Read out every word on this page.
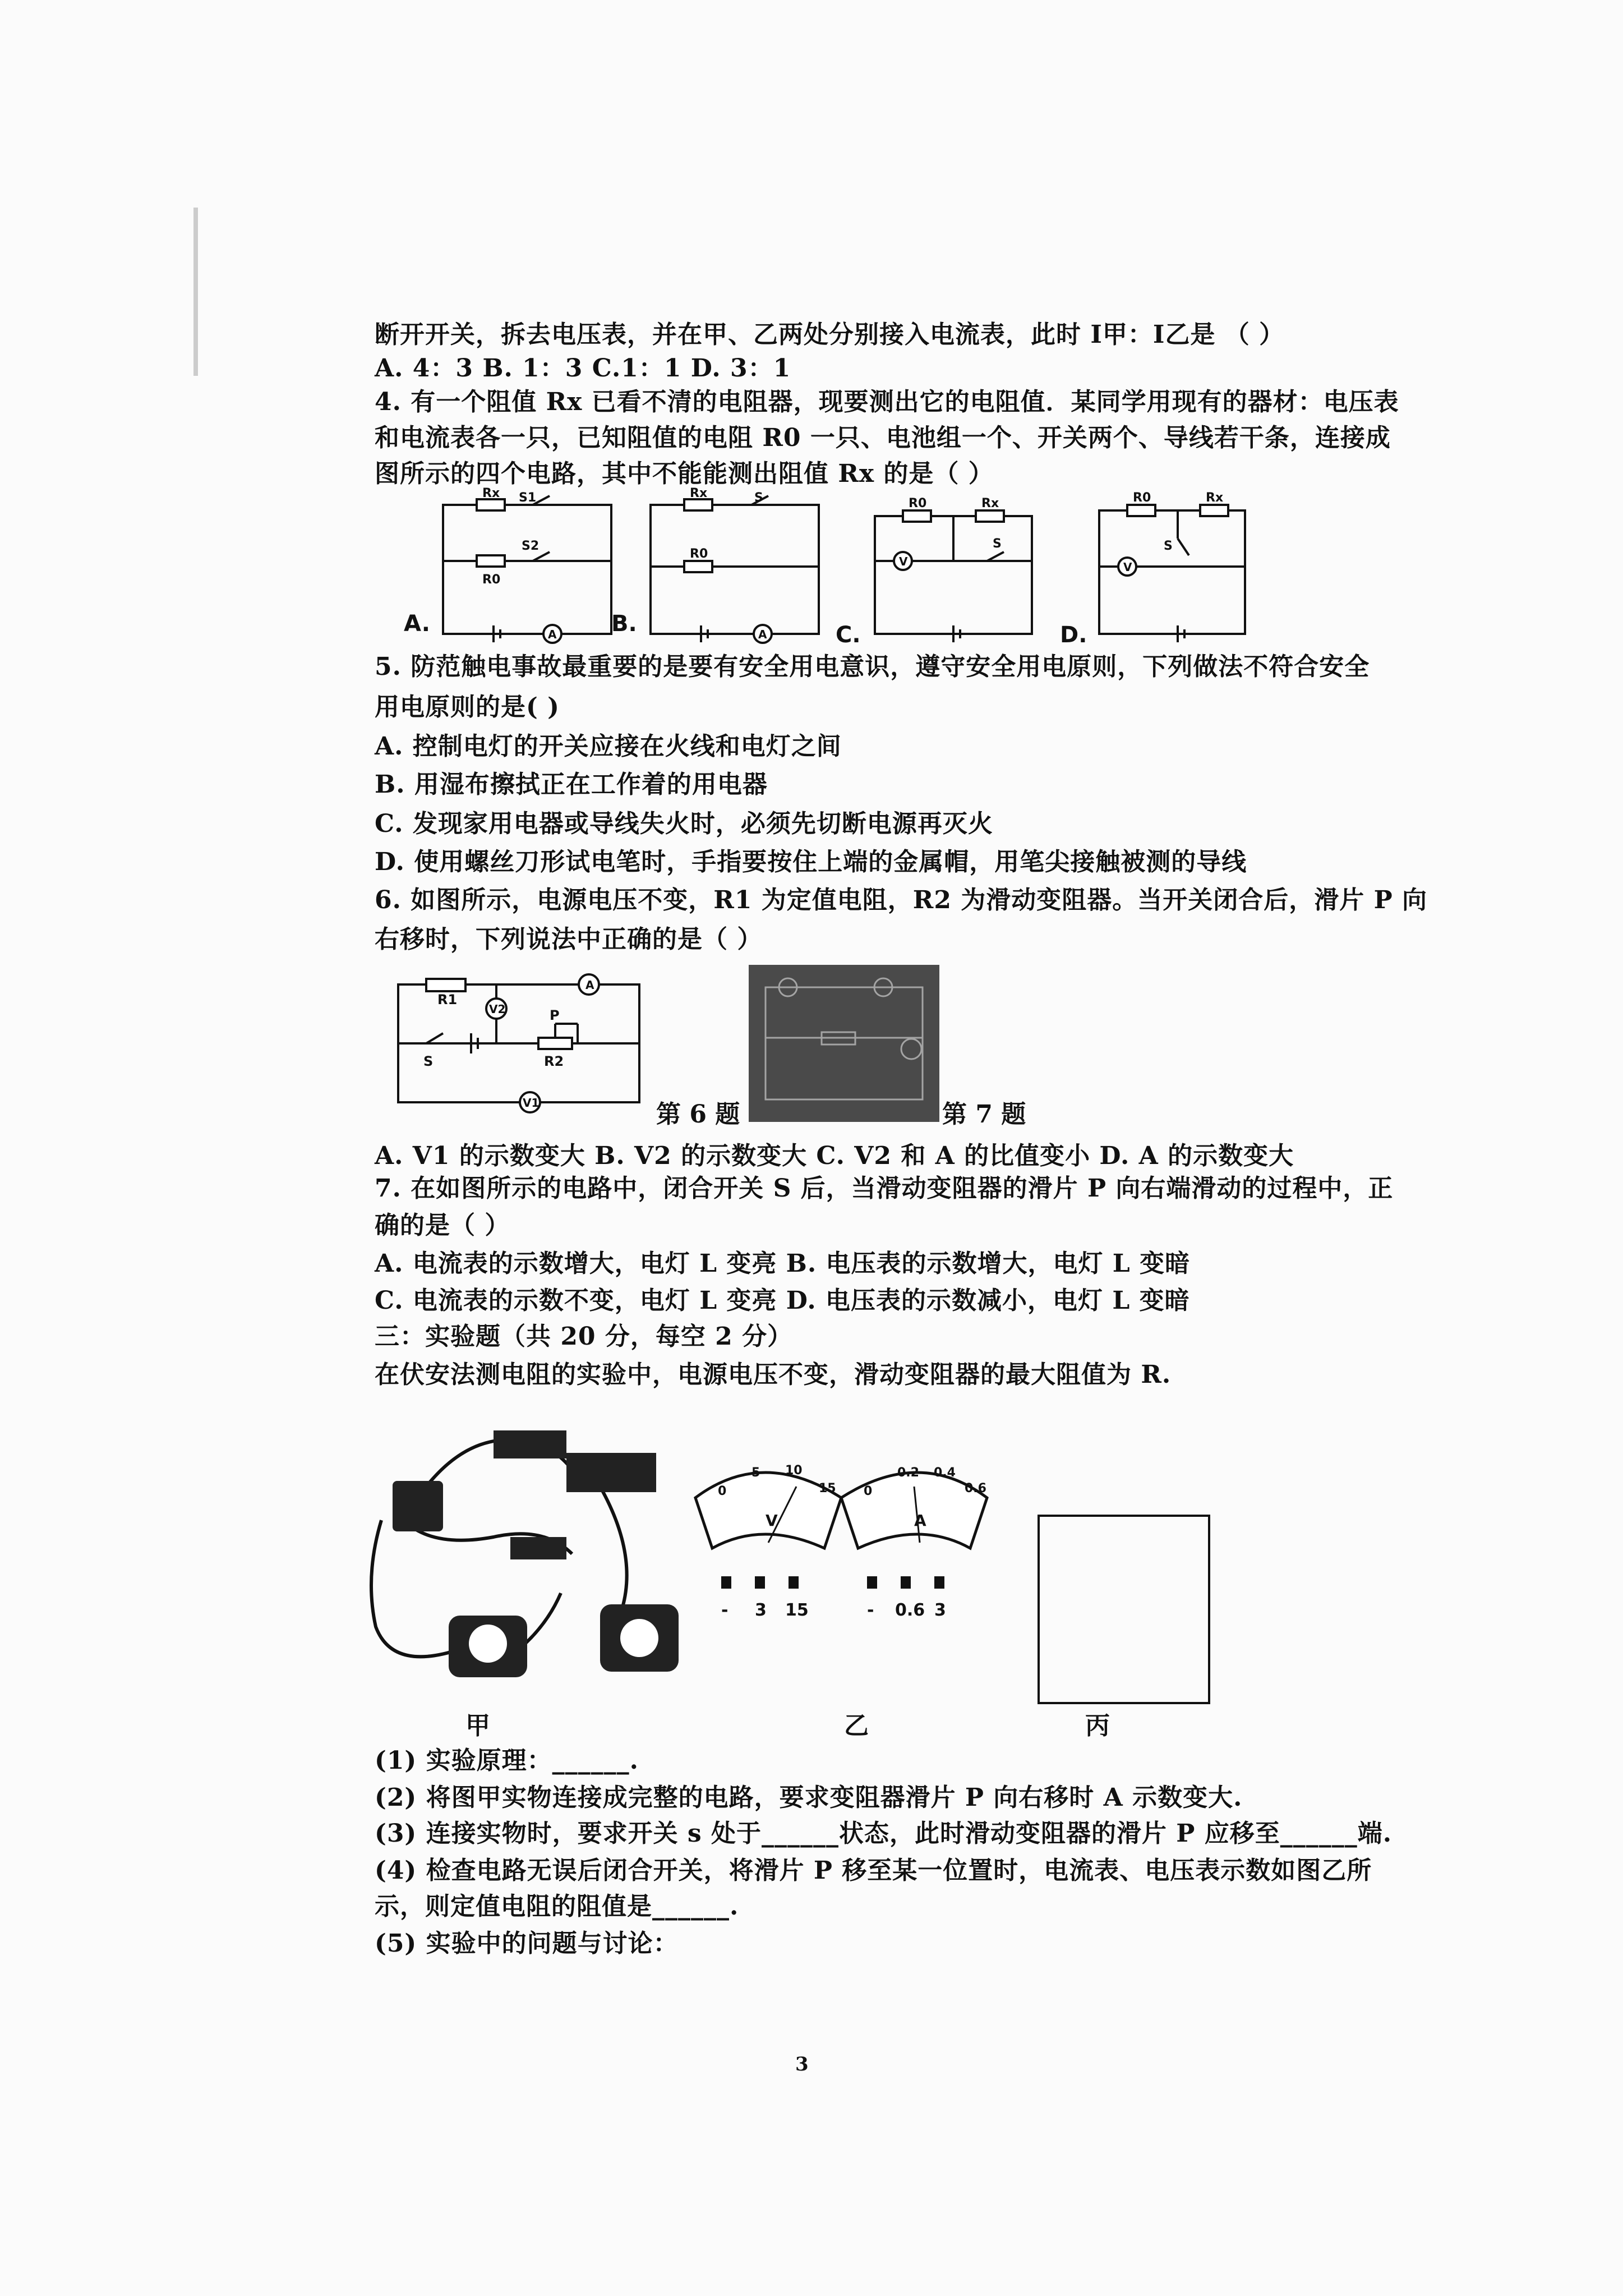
断开开关，拆去电压表，并在甲、乙两处分别接入电流表，此时 I甲：I乙是 （ ）
A. 4：3 B. 1：3 C.1：1 D. 3：1
4. 有一个阻值 Rx 已看不清的电阻器，现要测出它的电阻值．某同学用现有的器材：电压表
和电流表各一只，已知阻值的电阻 R0 一只、电池组一个、开关两个、导线若干条，连接成
图所示的四个电路，其中不能能测出阻值 Rx 的是（ ）
Rx S1
S2
R0
A
Rx	S
R0
A
R0	Rx
S
V
R0	Rx
S
V
A.	B.	C.	D.
5. 防范触电事故最重要的是要有安全用电意识，遵守安全用电原则，下列做法不符合安全
用电原则的是( )
A. 控制电灯的开关应接在火线和电灯之间
B. 用湿布擦拭正在工作着的用电器
C. 发现家用电器或导线失火时，必须先切断电源再灭火
D. 使用螺丝刀形试电笔时，手指要按住上端的金属帽，用笔尖接触被测的导线
6. 如图所示，电源电压不变，R1 为定值电阻，R2 为滑动变阻器。当开关闭合后，滑片 P 向
右移时，下列说法中正确的是（ ）
R1
A
V2	P
S	R2
V1	第 6 题	第 7 题
A. V1 的示数变大 B. V2 的示数变大 C. V2 和 A 的比值变小 D. A 的示数变大
7. 在如图所示的电路中，闭合开关 S 后，当滑动变阻器的滑片 P 向右端滑动的过程中，正
确的是（ ）
A. 电流表的示数增大，电灯 L 变亮 B. 电压表的示数增大，电灯 L 变暗
C. 电流表的示数不变，电灯 L 变亮 D. 电压表的示数减小，电灯 L 变暗
三：实验题（共 20 分，每空 2 分）
在伏安法测电阻的实验中，电源电压不变，滑动变阻器的最大阻值为 R.
0
5 10
15
V
0
0.2 0.4
0.6
A
- 3 15	- 0.6 3
甲	乙	丙
(1) 实验原理：______.
(2) 将图甲实物连接成完整的电路，要求变阻器滑片 P 向右移时 A 示数变大.
(3) 连接实物时，要求开关 s 处于______状态，此时滑动变阻器的滑片 P 应移至______端.
(4) 检查电路无误后闭合开关，将滑片 P 移至某一位置时，电流表、电压表示数如图乙所
示，则定值电阻的阻值是______.
(5) 实验中的问题与讨论：
3
